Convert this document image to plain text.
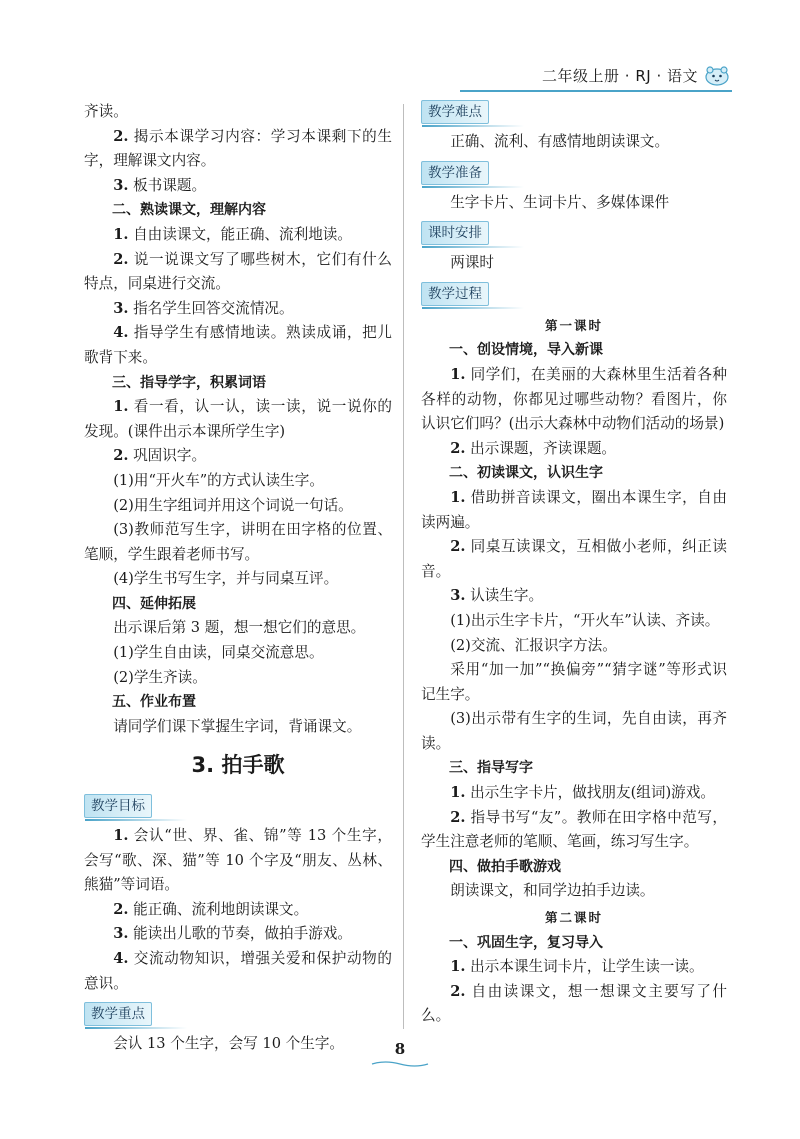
二年级上册 · RJ · 语文

齐读。

2. 揭示本课学习内容：学习本课剩下的生字，理解课文内容。

3. 板书课题。

二、熟读课文，理解内容

1. 自由读课文，能正确、流利地读。

2. 说一说课文写了哪些树木，它们有什么特点，同桌进行交流。

3. 指名学生回答交流情况。

4. 指导学生有感情地读。熟读成诵，把儿歌背下来。

三、指导学字，积累词语

1. 看一看，认一认，读一读，说一说你的发现。(课件出示本课所学生字)

2. 巩固识字。

(1)用“开火车”的方式认读生字。

(2)用生字组词并用这个词说一句话。

(3)教师范写生字，讲明在田字格的位置、笔顺，学生跟着老师书写。

(4)学生书写生字，并与同桌互评。

四、延伸拓展

出示课后第 3 题，想一想它们的意思。

(1)学生自由读，同桌交流意思。

(2)学生齐读。

五、作业布置

请同学们课下掌握生字词，背诵课文。

3. 拍手歌
教学目标

1. 会认“世、界、雀、锦”等 13 个生字，会写“歌、深、猫”等 10 个字及“朋友、丛林、熊猫”等词语。

2. 能正确、流利地朗读课文。

3. 能读出儿歌的节奏，做拍手游戏。

4. 交流动物知识，增强关爱和保护动物的意识。

教学重点

会认 13 个生字，会写 10 个生字。

教学难点

正确、流利、有感情地朗读课文。

教学准备

生字卡片、生词卡片、多媒体课件

课时安排

两课时

教学过程

第一课时

一、创设情境，导入新课

1. 同学们，在美丽的大森林里生活着各种各样的动物，你都见过哪些动物？看图片，你认识它们吗？(出示大森林中动物们活动的场景)

2. 出示课题，齐读课题。

二、初读课文，认识生字

1. 借助拼音读课文，圈出本课生字，自由读两遍。

2. 同桌互读课文，互相做小老师，纠正读音。

3. 认读生字。

(1)出示生字卡片，“开火车”认读、齐读。

(2)交流、汇报识字方法。

采用“加一加”“换偏旁”“猜字谜”等形式识记生字。

(3)出示带有生字的生词，先自由读，再齐读。

三、指导写字

1. 出示生字卡片，做找朋友(组词)游戏。

2. 指导书写“友”。教师在田字格中范写，学生注意老师的笔顺、笔画，练习写生字。

四、做拍手歌游戏

朗读课文，和同学边拍手边读。

第二课时

一、巩固生字，复习导入

1. 出示本课生词卡片，让学生读一读。

2. 自由读课文，想一想课文主要写了什么。

8
